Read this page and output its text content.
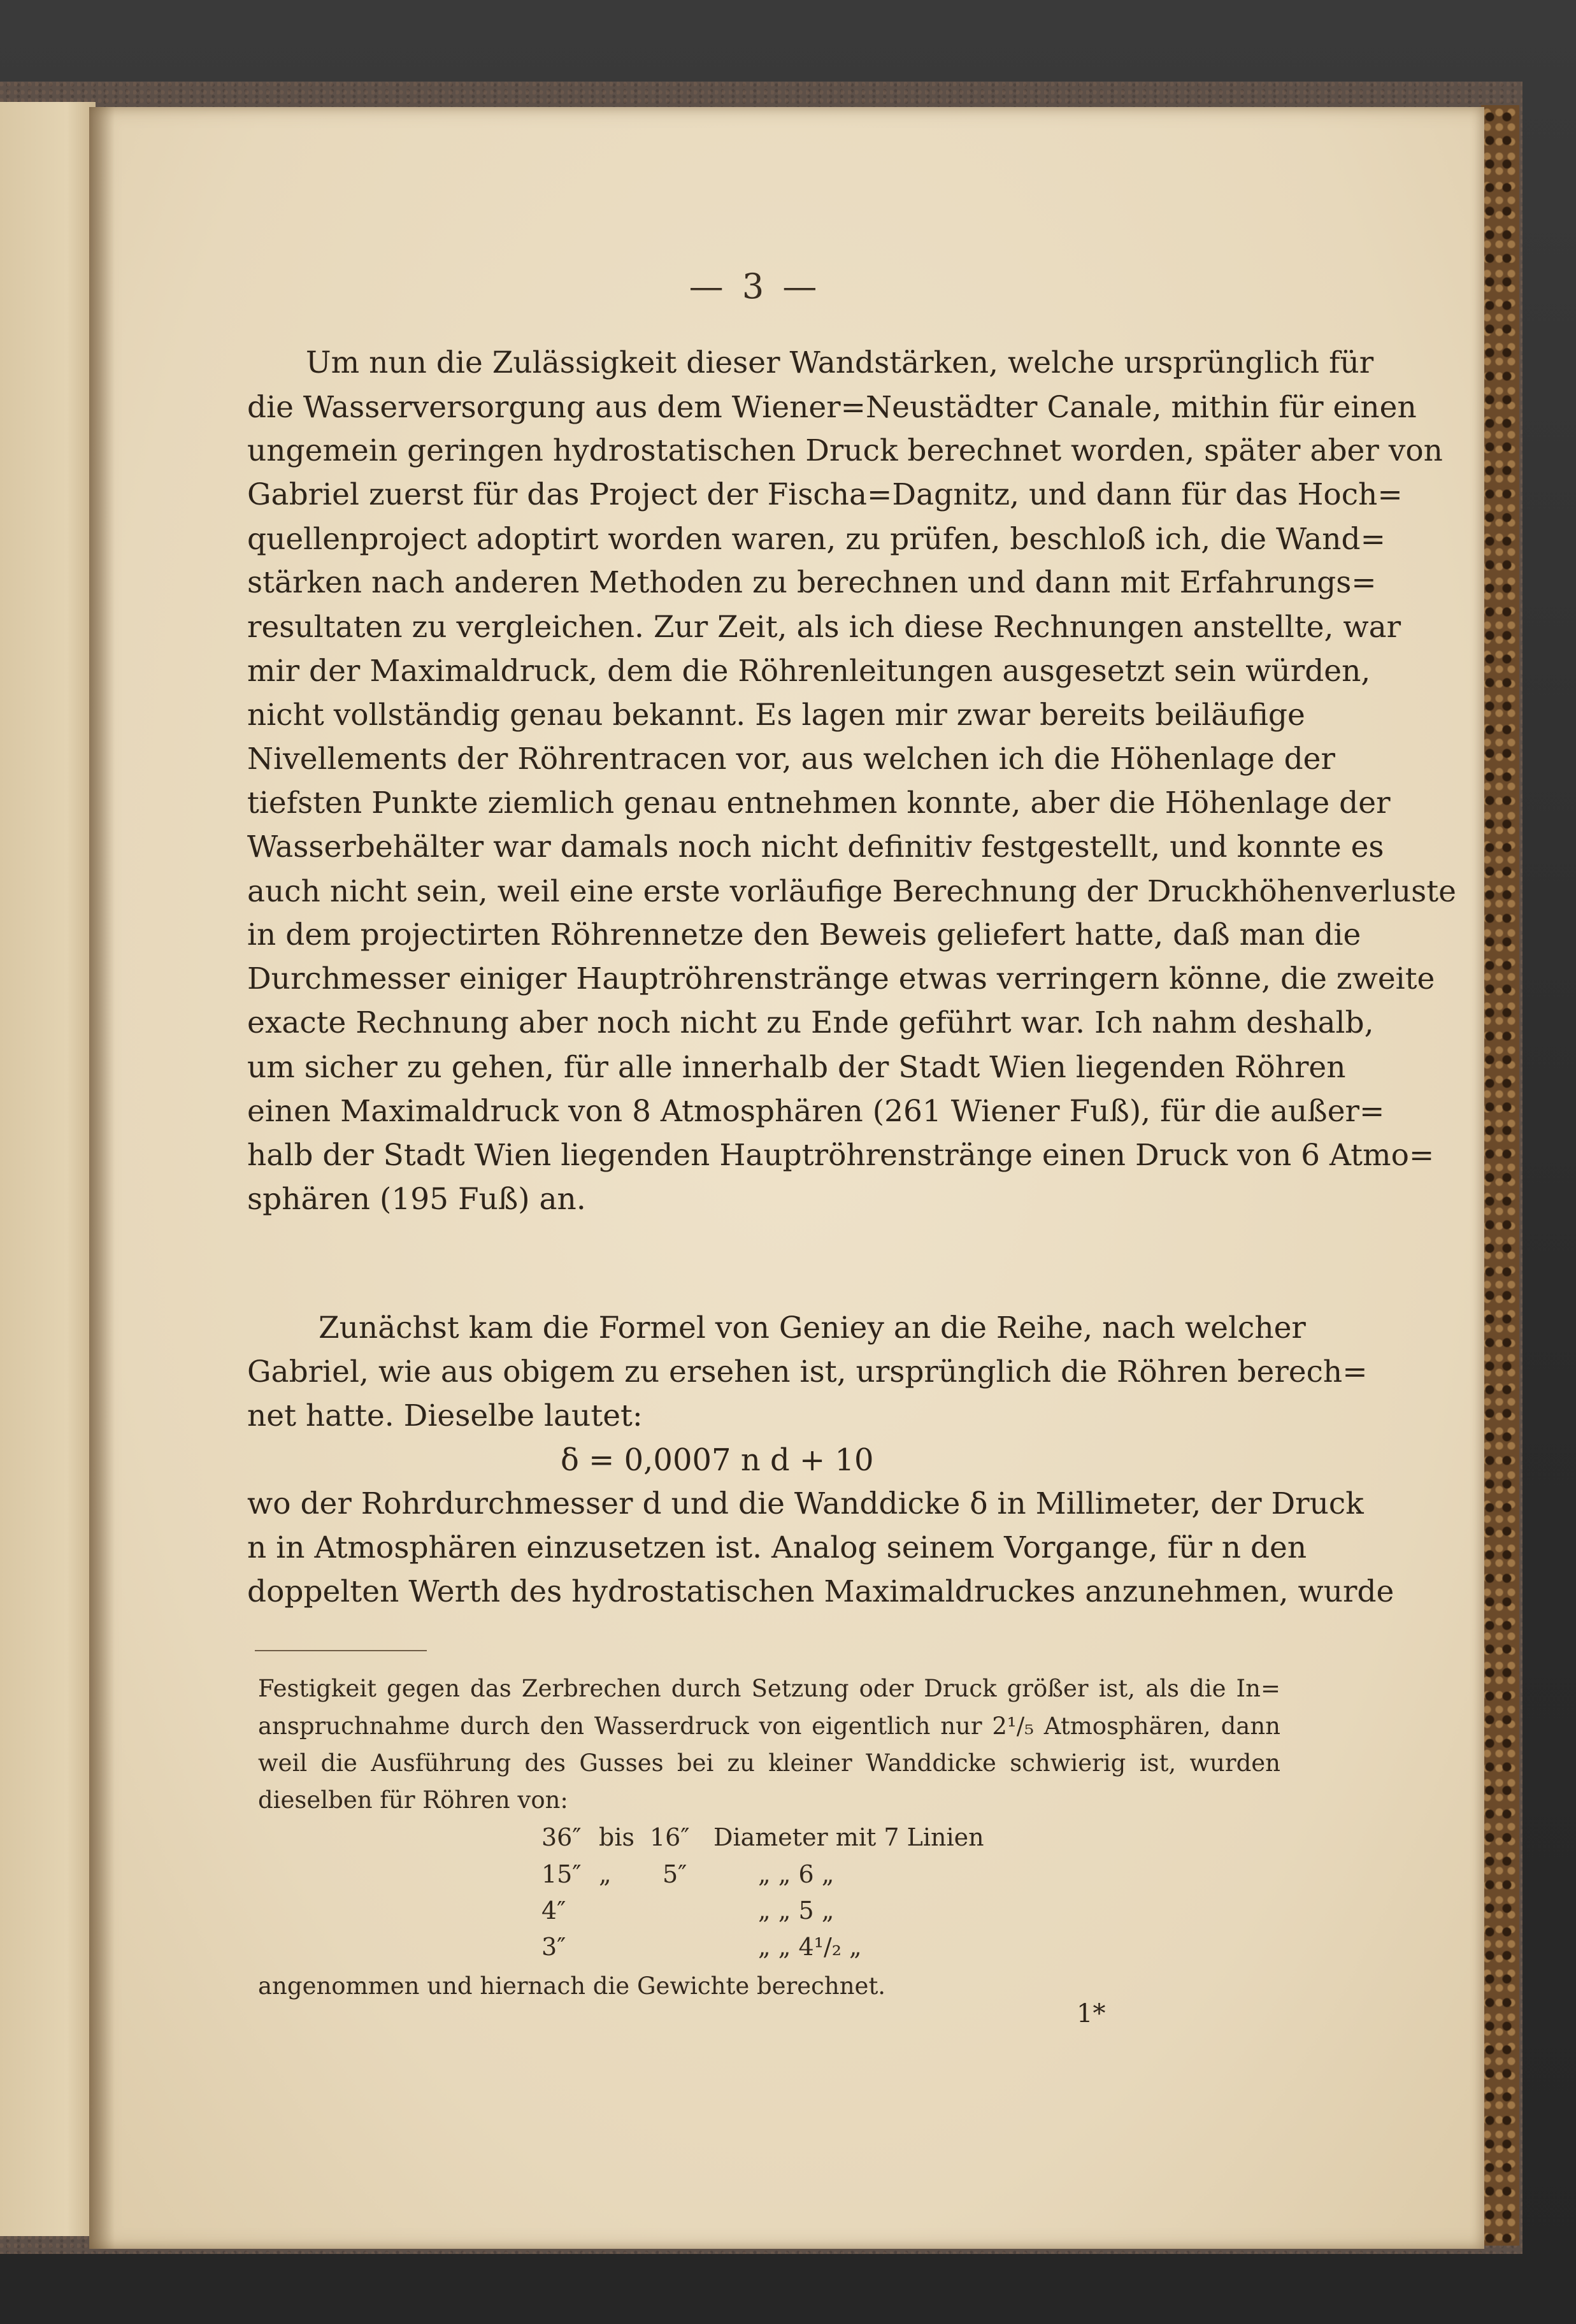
— 3 —
Um nun die Zulässigkeit dieser Wandstärken, welche ursprünglich für
die Wasserversorgung aus dem Wiener=Neustädter Canale, mithin für einen
ungemein geringen hydrostatischen Druck berechnet worden, später aber von
Gabriel zuerst für das Project der Fischa=Dagnitz, und dann für das Hoch=
quellenproject adoptirt worden waren, zu prüfen, beschloß ich, die Wand=
stärken nach anderen Methoden zu berechnen und dann mit Erfahrungs=
resultaten zu vergleichen. Zur Zeit, als ich diese Rechnungen anstellte, war
mir der Maximaldruck, dem die Röhrenleitungen ausgesetzt sein würden,
nicht vollständig genau bekannt. Es lagen mir zwar bereits beiläufige
Nivellements der Röhrentracen vor, aus welchen ich die Höhenlage der
tiefsten Punkte ziemlich genau entnehmen konnte, aber die Höhenlage der
Wasserbehälter war damals noch nicht definitiv festgestellt, und konnte es
auch nicht sein, weil eine erste vorläufige Berechnung der Druckhöhenverluste
in dem projectirten Röhrennetze den Beweis geliefert hatte, daß man die
Durchmesser einiger Hauptröhrenstränge etwas verringern könne, die zweite
exacte Rechnung aber noch nicht zu Ende geführt war. Ich nahm deshalb,
um sicher zu gehen, für alle innerhalb der Stadt Wien liegenden Röhren
einen Maximaldruck von 8 Atmosphären (261 Wiener Fuß), für die außer=
halb der Stadt Wien liegenden Hauptröhrenstränge einen Druck von 6 Atmo=
sphären (195 Fuß) an.
Zunächst kam die Formel von Geniey an die Reihe, nach welcher
Gabriel, wie aus obigem zu ersehen ist, ursprünglich die Röhren berech=
net hatte. Dieselbe lautet:
δ = 0,0007 n d + 10
wo der Rohrdurchmesser d und die Wanddicke δ in Millimeter, der Druck
n in Atmosphären einzusetzen ist. Analog seinem Vorgange, für n den
doppelten Werth des hydrostatischen Maximaldruckes anzunehmen, wurde
Festigkeit gegen das Zerbrechen durch Setzung oder Druck größer ist, als die In=
anspruchnahme durch den Wasserdruck von eigentlich nur 2¹/₅ Atmosphären, dann
weil die Ausführung des Gusses bei zu kleiner Wanddicke schwierig ist, wurden
dieselben für Röhren von:
36″ bis 16″ Diameter mit 7 Linien
15″ „ 5″	„ „ 6 „
4″	„ „ 5 „
3″	„ „ 4¹/₂ „
angenommen und hiernach die Gewichte berechnet.
1*
